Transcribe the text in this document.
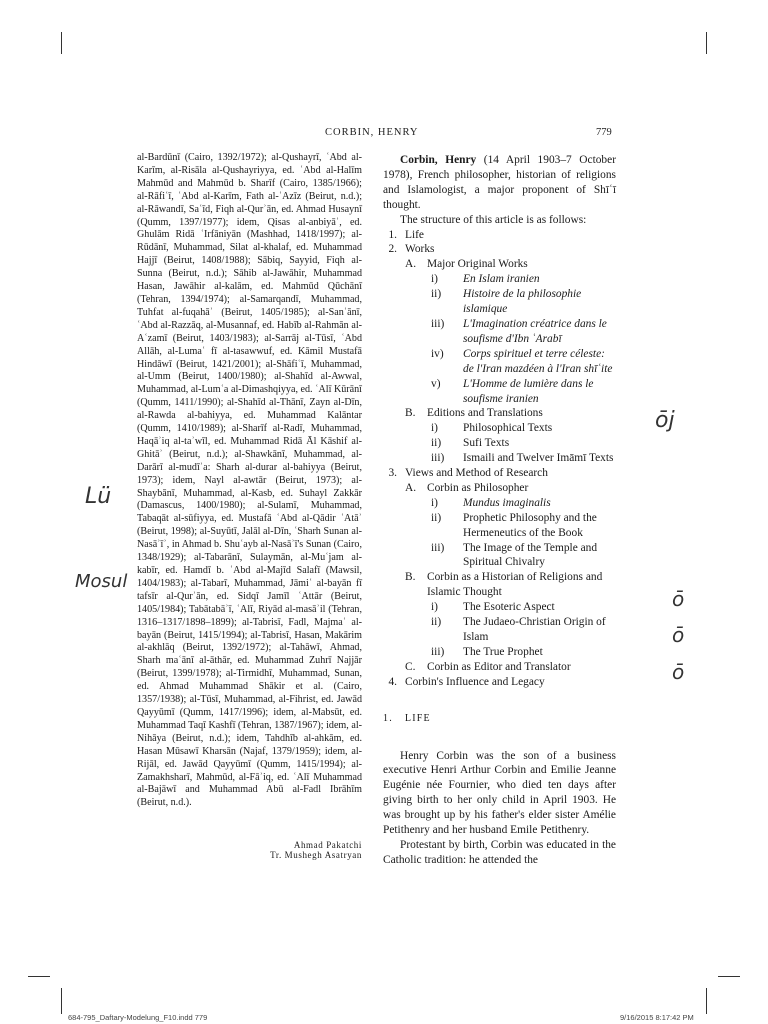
CORBIN, HENRY	779

al-Bardūnī (Cairo, 1392/1972); al-Qushayrī, ʿAbd al-Karīm, al-Risāla al-Qushayriyya, ed. ʿAbd al-Halīm Mahmūd and Mahmūd b. Sharīf (Cairo, 1385/1966); al-Rāfiʿī, ʿAbd al-Karīm, Fath al-ʿAzīz (Beirut, n.d.); al-Rāwandī, Saʿīd, Fiqh al-Qurʾān, ed. Ahmad Husaynī (Qumm, 1397/1977); idem, Qisas al-anbiyāʾ, ed. Ghulām Ridā ʿIrfāniyān (Mashhad, 1418/1997); al-Rūdānī, Muhammad, Silat al-khalaf, ed. Muhammad Hajjī (Beirut, 1408/1988); Sābiq, Sayyid, Fiqh al-Sunna (Beirut, n.d.); Sāhib al-Jawāhir, Muhammad Hasan, Jawāhir al-kalām, ed. Mahmūd Qūchānī (Tehran, 1394/1974); al-Samarqandī, Muhammad, Tuhfat al-fuqahāʾ (Beirut, 1405/1985); al-Sanʿānī, ʿAbd al-Razzāq, al-Musannaf, ed. Habīb al-Rahmān al-Aʿzamī (Beirut, 1403/1983); al-Sarrāj al-Tūsī, ʿAbd Allāh, al-Lumaʿ fī al-tasawwuf, ed. Kāmil Mustafā Hindāwī (Beirut, 1421/2001); al-Shāfiʿī, Muhammad, al-Umm (Beirut, 1400/1980); al-Shahīd al-Awwal, Muhammad, al-Lumʿa al-Dimashqiyya, ed. ʿAlī Kūrānī (Qumm, 1411/1990); al-Shahīd al-Thānī, Zayn al-Dīn, al-Rawda al-bahiyya, ed. Muhammad Kalāntar (Qumm, 1410/1989); al-Sharīf al-Radī, Muhammad, Haqāʾiq al-taʾwīl, ed. Muhammad Ridā Āl Kāshif al-Ghitāʾ (Beirut, n.d.); al-Shawkānī, Muhammad, al-Darārī al-mudīʾa: Sharh al-durar al-bahiyya (Beirut, 1973); idem, Nayl al-awtār (Beirut, 1973); al-Shaybānī, Muhammad, al-Kasb, ed. Suhayl Zakkār (Damascus, 1400/1980); al-Sulamī, Muhammad, Tabaqāt al-sūfiyya, ed. Mustafā ʿAbd al-Qādir ʿAtāʾ (Beirut, 1998); al-Suyūtī, Jalāl al-Dīn, ʿSharh Sunan al-Nasāʾīʾ, in Ahmad b. Shuʿayb al-Nasāʾī's Sunan (Cairo, 1348/1929); al-Tabarānī, Sulaymān, al-Muʿjam al-kabīr, ed. Hamdī b. ʿAbd al-Majīd Salafī (Mawsil, 1404/1983); al-Tabarī, Muhammad, Jāmiʿ al-bayān fī tafsīr al-Qurʾān, ed. Sidqī Jamīl ʿAttār (Beirut, 1405/1984); Tabātabāʾī, ʿAlī, Riyād al-masāʾil (Tehran, 1316–1317/1898–1899); al-Tabrisī, Fadl, Majmaʿ al-bayān (Beirut, 1415/1994); al-Tabrisī, Hasan, Makārim al-akhlāq (Beirut, 1392/1972); al-Tahāwī, Ahmad, Sharh maʿānī al-āthār, ed. Muhammad Zuhrī Najjār (Beirut, 1399/1978); al-Tirmidhī, Muhammad, Sunan, ed. Ahmad Muhammad Shākir et al. (Cairo, 1357/1938); al-Tūsī, Muhammad, al-Fihrist, ed. Jawād Qayyūmī (Qumm, 1417/1996); idem, al-Mabsūt, ed. Muhammad Taqī Kashfī (Tehran, 1387/1967); idem, al-Nihāya (Beirut, n.d.); idem, Tahdhīb al-ahkām, ed. Hasan Mūsawī Kharsān (Najaf, 1379/1959); idem, al-Rijāl, ed. Jawād Qayyūmī (Qumm, 1415/1994); al-Zamakhsharī, Mahmūd, al-Fāʾiq, ed. ʿAlī Muhammad al-Bajāwī and Muhammad Abū al-Fadl Ibrāhīm (Beirut, n.d.).

Ahmad Pakatchi
Tr. Mushegh Asatryan

Corbin, Henry (14 April 1903–7 October 1978), French philosopher, historian of religions and Islamologist, a major proponent of Shīʿī thought.

The structure of this article is as follows:

1. Life
2. Works
A. Major Original Works
i)	En Islam iranien
ii)	Histoire de la philosophie islamique
iii)	L'Imagination créatrice dans le soufisme d'Ibn ʿArabī
iv)	Corps spirituel et terre céleste: de l'Iran mazdéen à l'Iran shīʿite
v)	L'Homme de lumière dans le soufisme iranien
B.	Editions and Translations
i)	Philosophical Texts
ii)	Sufi Texts
iii)	Ismaili and Twelver Imāmī Texts
3. Views and Method of Research
A. Corbin as Philosopher
i)	Mundus imaginalis
ii)	Prophetic Philosophy and the Hermeneutics of the Book
iii)	The Image of the Temple and Spiritual Chivalry
B.	Corbin as a Historian of Religions and Islamic Thought
i)	The Esoteric Aspect
ii)	The Judaeo-Christian Origin of Islam
iii)	The True Prophet
C.	Corbin as Editor and Translator
4. Corbin's Influence and Legacy
1. LIFE

Henry Corbin was the son of a business executive Henri Arthur Corbin and Emilie Jeanne Eugénie née Fournier, who died ten days after giving birth to her only child in April 1903. He was brought up by his father's elder sister Amélie Petithenry and her husband Emile Petithenry.

Protestant by birth, Corbin was educated in the Catholic tradition: he attended the

Lü
Mosul
ōj
ō
ō
ō
684-795_Daftary-Modelung_F10.indd 779	9/16/2015 8:17:42 PM
